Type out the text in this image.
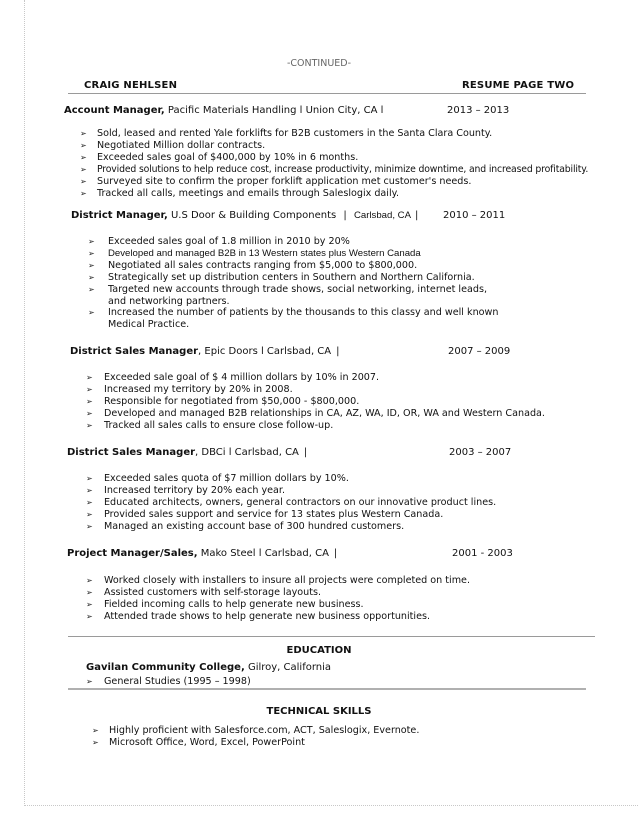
-CONTINUED-
CRAIG NEHLSEN	RESUME PAGE TWO
Account Manager, Pacific Materials Handling l Union City, CA l	2013 – 2013
➢ Sold, leased and rented Yale forklifts for B2B customers in the Santa Clara County.
➢ Negotiated Million dollar contracts.
➢ Exceeded sales goal of $400,000 by 10% in 6 months.
➢ Provided solutions to help reduce cost, increase productivity, minimize downtime, and increased profitability.
➢ Surveyed site to confirm the proper forklift application met customer's needs.
➢ Tracked all calls, meetings and emails through Saleslogix daily.
District Manager, U.S Door & Building Components | Carlsbad, CA | 2010 – 2011
➢ Exceeded sales goal of 1.8 million in 2010 by 20%
➢ Developed and managed B2B in 13 Western states plus Western Canada
➢ Negotiated all sales contracts ranging from $5,000 to $800,000.
➢ Strategically set up distribution centers in Southern and Northern California.
➢ Targeted new accounts through trade shows, social networking, internet leads, and networking partners.
➢ Increased the number of patients by the thousands to this classy and well known Medical Practice.
District Sales Manager, Epic Doors l Carlsbad, CA |	2007 – 2009
➢ Exceeded sale goal of $ 4 million dollars by 10% in 2007.
➢ Increased my territory by 20% in 2008.
➢ Responsible for negotiated from $50,000 - $800,000.
➢ Developed and managed B2B relationships in CA, AZ, WA, ID, OR, WA and Western Canada.
➢ Tracked all sales calls to ensure close follow-up.
District Sales Manager, DBCi l Carlsbad, CA |	2003 – 2007
➢ Exceeded sales quota of $7 million dollars by 10%.
➢ Increased territory by 20% each year.
➢ Educated architects, owners, general contractors on our innovative product lines.
➢ Provided sales support and service for 13 states plus Western Canada.
➢ Managed an existing account base of 300 hundred customers.
Project Manager/Sales, Mako Steel l Carlsbad, CA |	2001 - 2003
➢ Worked closely with installers to insure all projects were completed on time.
➢ Assisted customers with self-storage layouts.
➢ Fielded incoming calls to help generate new business.
➢ Attended trade shows to help generate new business opportunities.
EDUCATION
Gavilan Community College, Gilroy, California
➢ General Studies (1995 – 1998)
TECHNICAL SKILLS
➢ Highly proficient with Salesforce.com, ACT, Saleslogix, Evernote.
➢ Microsoft Office, Word, Excel, PowerPoint
